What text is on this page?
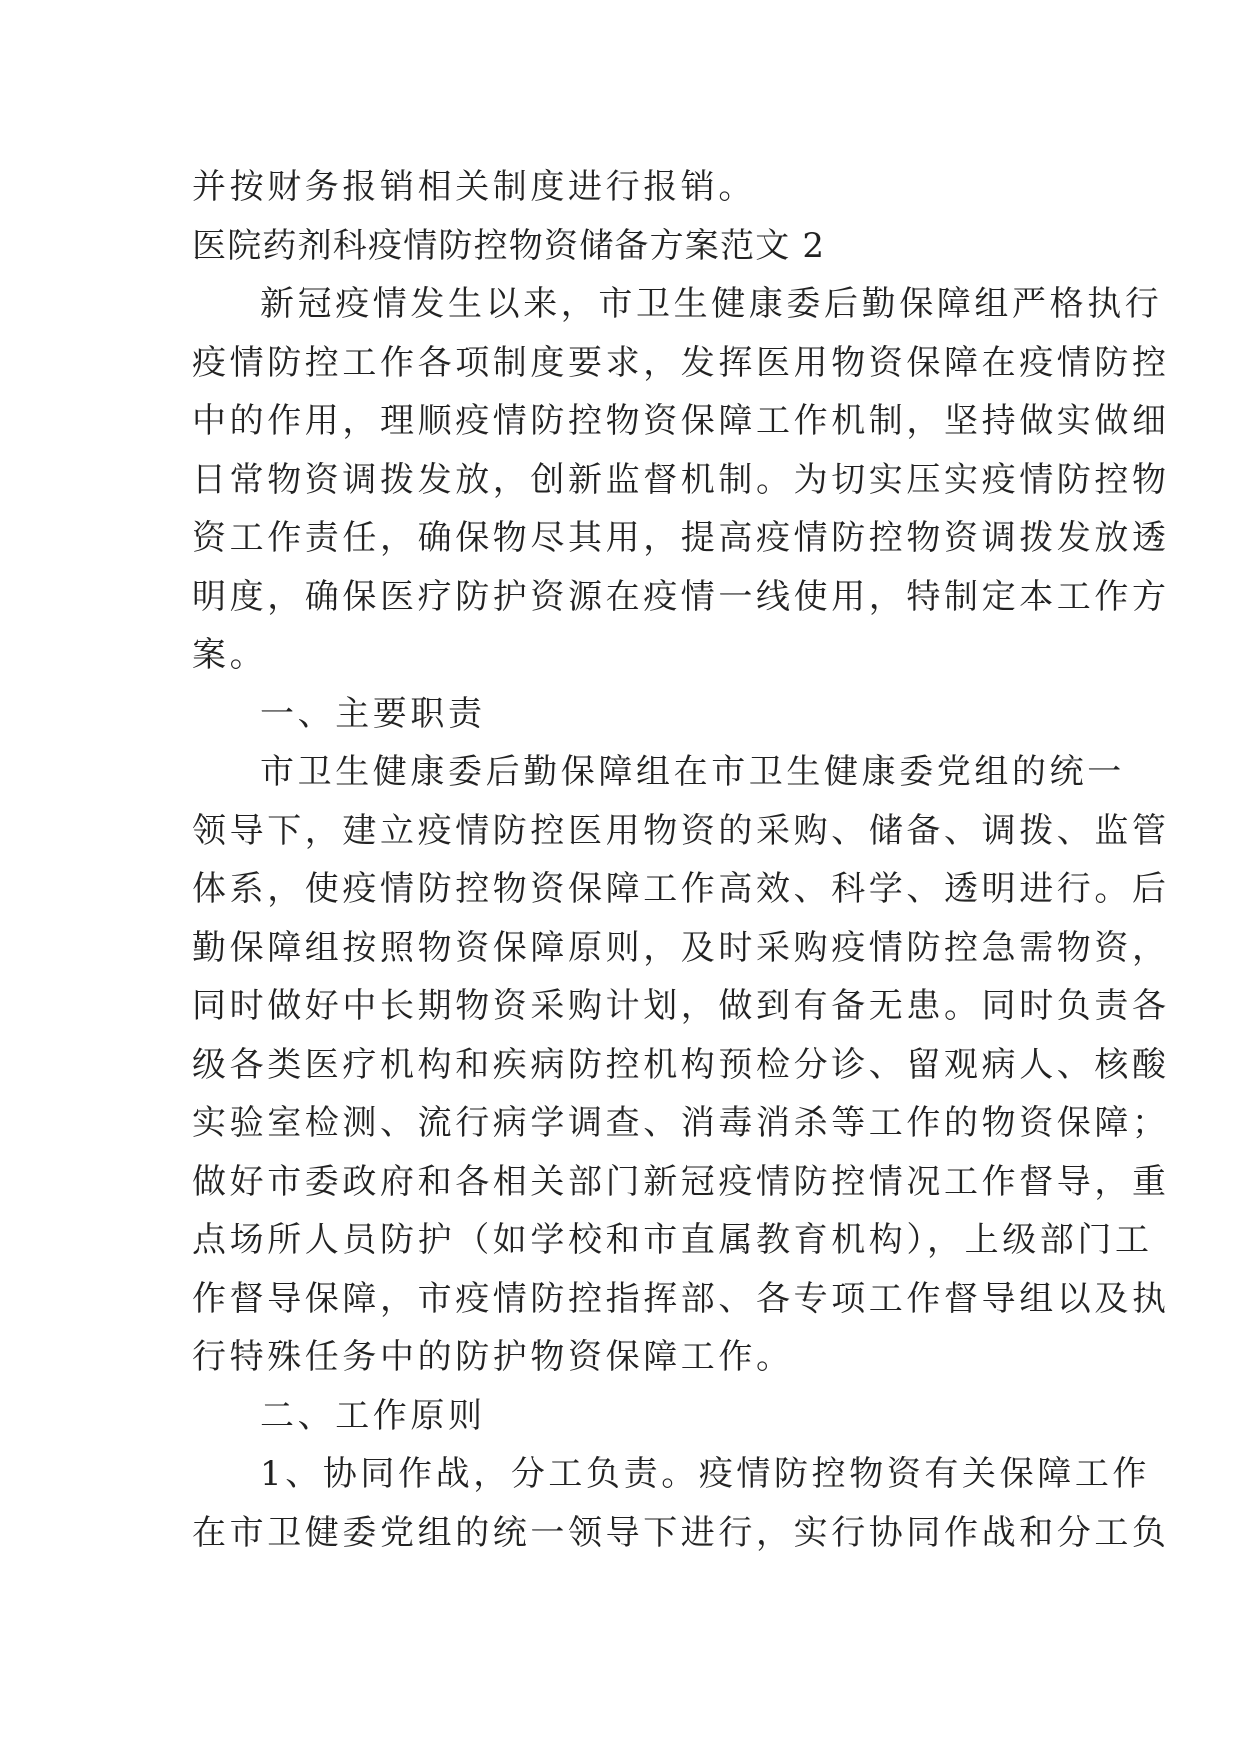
并按财务报销相关制度进行报销。
医院药剂科疫情防控物资储备方案范文 2
新冠疫情发生以来，市卫生健康委后勤保障组严格执行
疫情防控工作各项制度要求，发挥医用物资保障在疫情防控
中的作用，理顺疫情防控物资保障工作机制，坚持做实做细
日常物资调拨发放，创新监督机制。为切实压实疫情防控物
资工作责任，确保物尽其用，提高疫情防控物资调拨发放透
明度，确保医疗防护资源在疫情一线使用，特制定本工作方
案。
一、主要职责
市卫生健康委后勤保障组在市卫生健康委党组的统一
领导下，建立疫情防控医用物资的采购、储备、调拨、监管
体系，使疫情防控物资保障工作高效、科学、透明进行。后
勤保障组按照物资保障原则，及时采购疫情防控急需物资，
同时做好中长期物资采购计划，做到有备无患。同时负责各
级各类医疗机构和疾病防控机构预检分诊、留观病人、核酸
实验室检测、流行病学调查、消毒消杀等工作的物资保障；
做好市委政府和各相关部门新冠疫情防控情况工作督导，重
点场所人员防护（如学校和市直属教育机构），上级部门工
作督导保障，市疫情防控指挥部、各专项工作督导组以及执
行特殊任务中的防护物资保障工作。
二、工作原则
1、协同作战，分工负责。疫情防控物资有关保障工作
在市卫健委党组的统一领导下进行，实行协同作战和分工负
